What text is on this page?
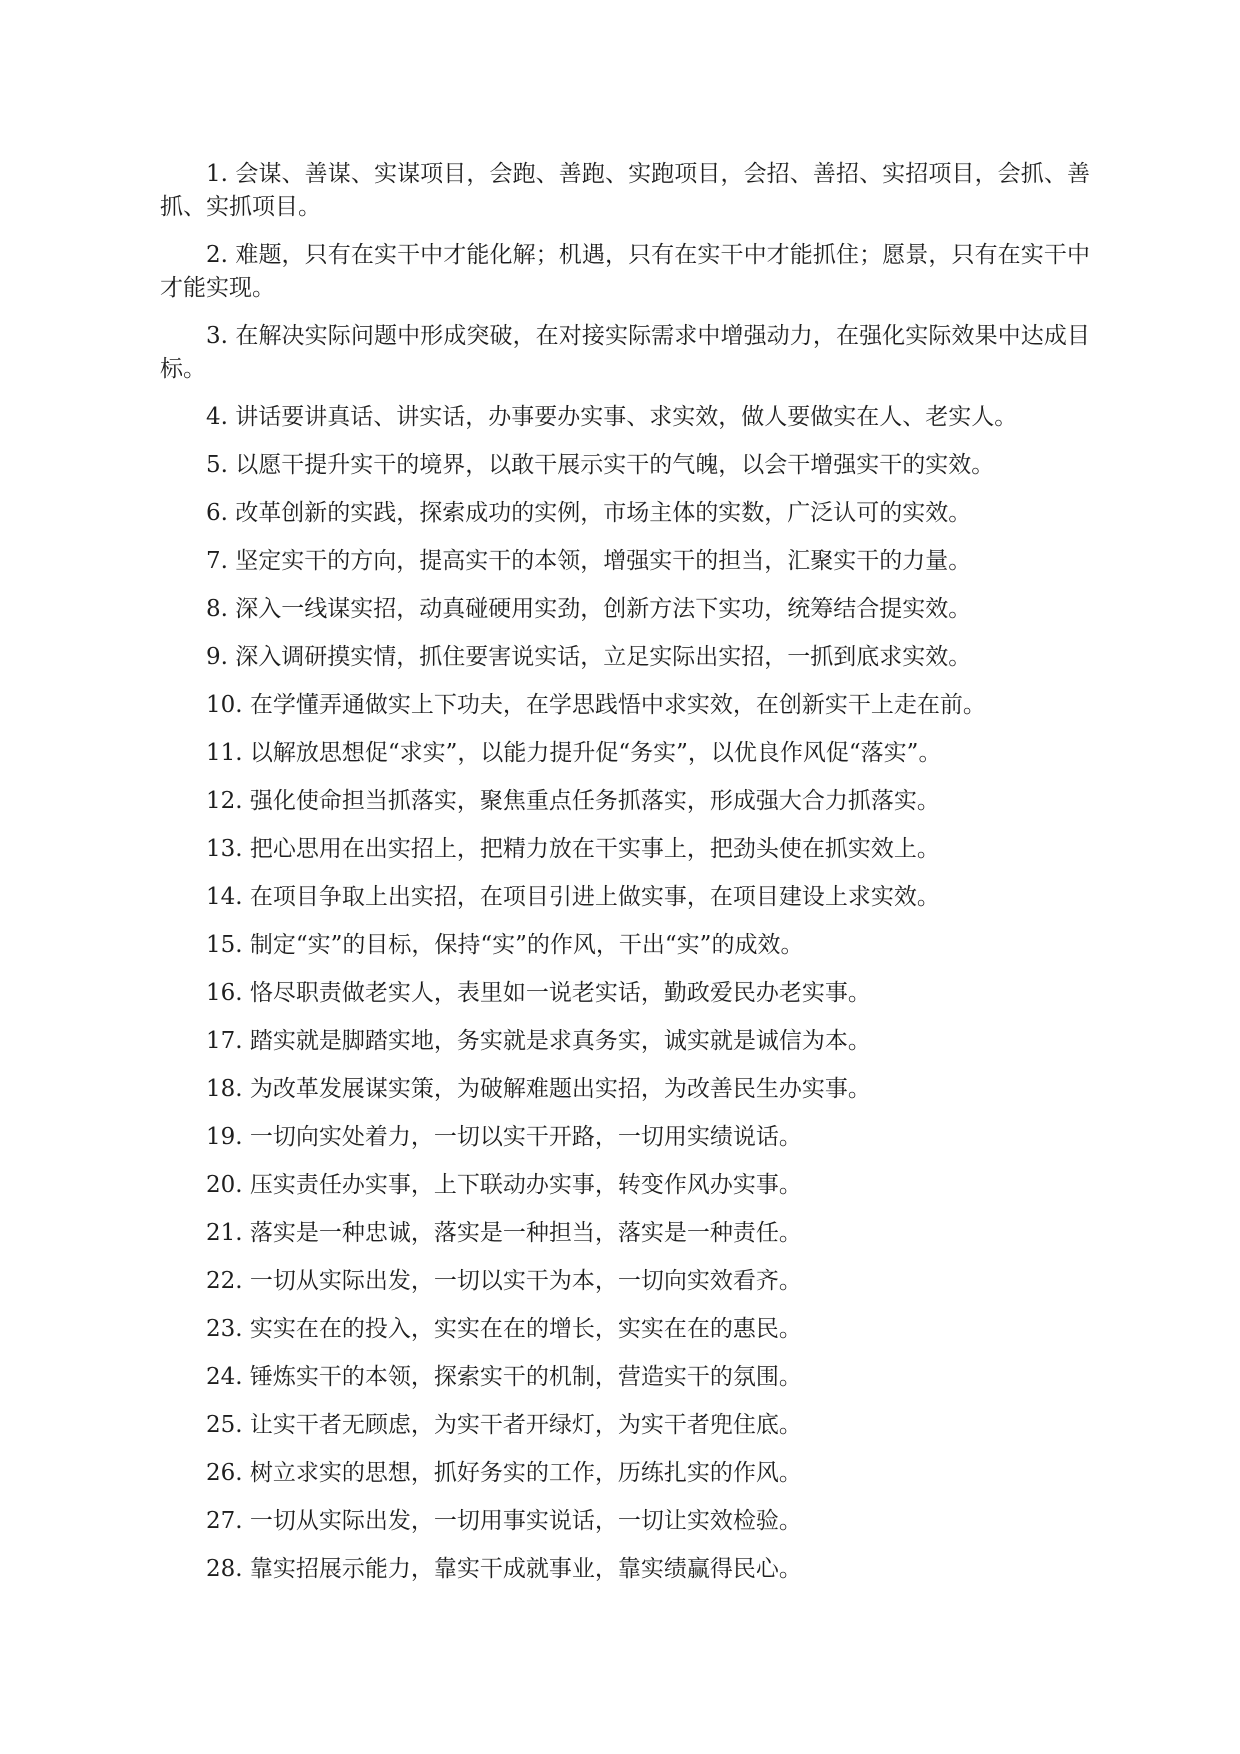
1. 会谋、善谋、实谋项目，会跑、善跑、实跑项目，会招、善招、实招项目，会抓、善抓、实抓项目。

2. 难题，只有在实干中才能化解；机遇，只有在实干中才能抓住；愿景，只有在实干中才能实现。

3. 在解决实际问题中形成突破，在对接实际需求中增强动力，在强化实际效果中达成目标。

4. 讲话要讲真话、讲实话，办事要办实事、求实效，做人要做实在人、老实人。

5. 以愿干提升实干的境界，以敢干展示实干的气魄，以会干增强实干的实效。

6. 改革创新的实践，探索成功的实例，市场主体的实数，广泛认可的实效。

7. 坚定实干的方向，提高实干的本领，增强实干的担当，汇聚实干的力量。

8. 深入一线谋实招，动真碰硬用实劲，创新方法下实功，统筹结合提实效。

9. 深入调研摸实情，抓住要害说实话，立足实际出实招，一抓到底求实效。

10. 在学懂弄通做实上下功夫，在学思践悟中求实效，在创新实干上走在前。

11. 以解放思想促“求实”，以能力提升促“务实”，以优良作风促“落实”。

12. 强化使命担当抓落实，聚焦重点任务抓落实，形成强大合力抓落实。

13. 把心思用在出实招上，把精力放在干实事上，把劲头使在抓实效上。

14. 在项目争取上出实招，在项目引进上做实事，在项目建设上求实效。

15. 制定“实”的目标，保持“实”的作风，干出“实”的成效。

16. 恪尽职责做老实人，表里如一说老实话，勤政爱民办老实事。

17. 踏实就是脚踏实地，务实就是求真务实，诚实就是诚信为本。

18. 为改革发展谋实策，为破解难题出实招，为改善民生办实事。

19. 一切向实处着力，一切以实干开路，一切用实绩说话。

20. 压实责任办实事，上下联动办实事，转变作风办实事。

21. 落实是一种忠诚，落实是一种担当，落实是一种责任。

22. 一切从实际出发，一切以实干为本，一切向实效看齐。

23. 实实在在的投入，实实在在的增长，实实在在的惠民。

24. 锤炼实干的本领，探索实干的机制，营造实干的氛围。

25. 让实干者无顾虑，为实干者开绿灯，为实干者兜住底。

26. 树立求实的思想，抓好务实的工作，历练扎实的作风。

27. 一切从实际出发，一切用事实说话，一切让实效检验。

28. 靠实招展示能力，靠实干成就事业，靠实绩赢得民心。
